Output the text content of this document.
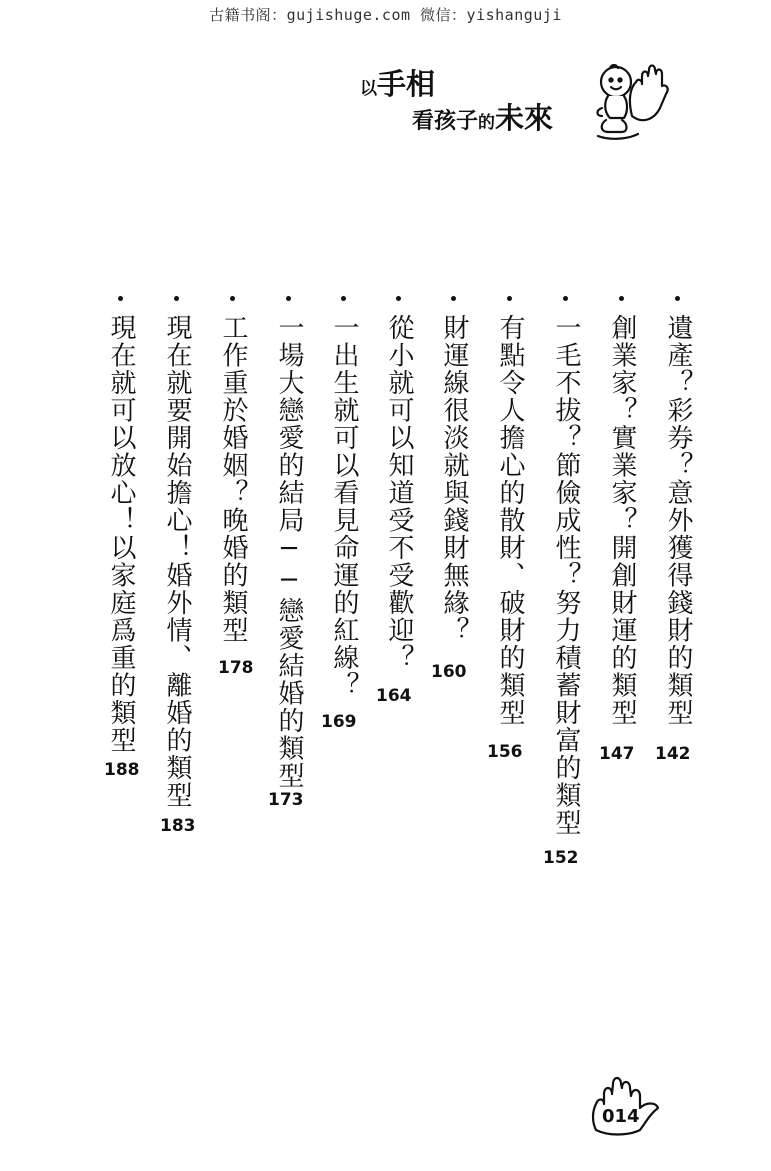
古籍书阁：gujishuge.com 微信：yishanguji
以手相
看孩子的未來
遺產？彩券？意外獲得錢財的類型
142
創業家？實業家？開創財運的類型
147
一毛不拔？節儉成性？努力積蓄財富的類型
152
有點令人擔心的散財、破財的類型
156
財運線很淡就與錢財無緣？
160
從小就可以知道受不受歡迎？
164
一出生就可以看見命運的紅線？
169
一場大戀愛的結局──戀愛結婚的類型
173
工作重於婚姻？晚婚的類型
178
現在就要開始擔心！婚外情、離婚的類型
183
現在就可以放心！以家庭爲重的類型
188
014
